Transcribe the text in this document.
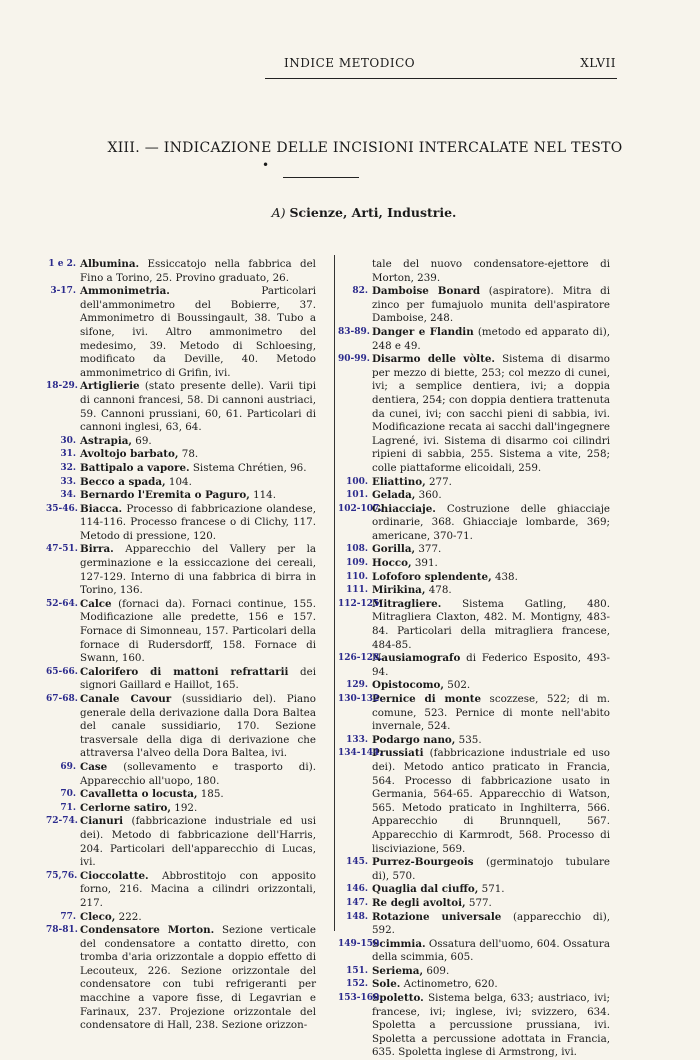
INDICE METODICO	XLVII
XIII. — INDICAZIONE DELLE INCISIONI INTERCALATE NEL TESTO
•
A) Scienze, Arti, Industrie.
1 e 2. Albumina. Essiccatojo nella fabbrica del Fino a Torino, 25. Provino graduato, 26.
3-17. Ammonimetria.	Particolari dell'ammonimetro del Bobierre, 37. Ammonimetro di Boussingault, 38. Tubo a sifone, ivi. Altro ammonimetro del medesimo, 39. Metodo di Schloesing, modificato da Deville, 40. Metodo ammonimetrico di Grifin, ivi.
18-29. Artiglierie (stato presente delle). Varii tipi di cannoni francesi, 58. Di cannoni austriaci, 59. Cannoni prussiani, 60, 61. Particolari di cannoni inglesi, 63, 64.
30. Astrapia, 69.
31. Avoltojo barbato, 78.
32. Battipalo a vapore. Sistema Chrétien, 96.
33. Becco a spada, 104.
34. Bernardo l'Eremita o Paguro, 114.
35-46. Biacca. Processo di fabbricazione olandese, 114-116. Processo francese o di Clichy, 117. Metodo di pressione, 120.
47-51. Birra. Apparecchio del Vallery per la germinazione e la essiccazione dei cereali, 127-129. Interno di una fabbrica di birra in Torino, 136.
52-64. Calce (fornaci da). Fornaci continue, 155. Modificazione alle predette, 156 e 157. Fornace di Simonneau, 157. Particolari della fornace di Rudersdorff, 158. Fornace di Swann, 160.
65-66. Calorifero di mattoni refrattarii dei signori Gaillard e Haillot, 165.
67-68. Canale Cavour (sussidiario del). Piano generale della derivazione dalla Dora Baltea del canale sussidiario, 170. Sezione trasversale della diga di derivazione che attraversa l'alveo della Dora Baltea, ivi.
69. Case (sollevamento e trasporto di). Apparecchio all'uopo, 180.
70. Cavalletta o locusta, 185.
71. Cerlorne satiro, 192.
72-74. Cianuri (fabbricazione industriale ed usi dei). Metodo di fabbricazione dell'Harris, 204. Particolari dell'apparecchio di Lucas, ivi.
75,76. Cioccolatte. Abbrostitojo con apposito forno, 216. Macina a cilindri orizzontali, 217.
77. Cleco, 222.
78-81. Condensatore Morton. Sezione verticale del condensatore a contatto diretto, con tromba d'aria orizzontale a doppio effetto di Lecouteux, 226. Sezione orizzontale del condensatore con tubi refrigeranti per macchine a vapore fisse, di Legavrian e Farinaux, 237. Projezione orizzontale del condensatore di Hall, 238. Sezione orizzon-
tale del nuovo condensatore-ejettore di Morton, 239.
82. Damboise Bonard (aspiratore). Mitra di zinco per fumajuolo munita dell'aspiratore Damboise, 248.
83-89. Danger e Flandin (metodo ed apparato di), 248 e 49.
90-99. Disarmo delle vòlte. Sistema di disarmo per mezzo di biette, 253; col mezzo di cunei, ivi; a semplice dentiera, ivi; a doppia dentiera, 254; con doppia dentiera trattenuta da cunei, ivi; con sacchi pieni di sabbia, ivi. Modificazione recata ai sacchi dall'ingegnere Lagrené, ivi. Sistema di disarmo coi cilindri ripieni di sabbia, 255. Sistema a vite, 258; colle piattaforme elicoidali, 259.
100. Eliattino, 277.
101. Gelada, 360.
102-107.
Ghiacciaje. Costruzione delle ghiacciaje ordinarie, 368. Ghiacciaje lombarde, 369; americane, 370-71.
108. Gorilla, 377.
109. Hocco, 391.
110. Lofoforo splendente, 438.
111. Mirikina, 478.
112-125.
Mitragliere. Sistema Gatling, 480. Mitragliera Claxton, 482. M. Montigny, 483-84. Particolari della mitragliera francese, 484-85.
126-128.
Nausiamografo di Federico Esposito, 493-94.
129. Opistocomo, 502.
130-132.
Pernice di monte scozzese, 522; di m. comune, 523. Pernice di monte nell'abito invernale, 524.
133. Podargo nano, 535.
134-144.
Prussiati (fabbricazione industriale ed uso dei). Metodo antico praticato in Francia, 564. Processo di fabbricazione usato in Germania, 564-65. Apparecchio di Watson, 565. Metodo praticato in Inghilterra, 566. Apparecchio di Brunnquell, 567. Apparecchio di Karmrodt, 568. Processo di lisciviazione, 569.
145. Purrez-Bourgeois (germinatojo tubulare di), 570.
146. Quaglia dal ciuffo, 571.
147. Re degli avoltoi, 577.
148. Rotazione universale (apparecchio di), 592.
149-150.
Scimmia. Ossatura dell'uomo, 604. Ossatura della scimmia, 605.
151. Seriema, 609.
152. Sole. Actinometro, 620.
153-160.
Spoletto. Sistema belga, 633; austriaco, ivi; francese, ivi; inglese, ivi; svizzero, 634. Spoletta a percussione prussiana, ivi. Spoletta a percussione adottata in Francia, 635. Spoletta inglese di Armstrong, ivi.
